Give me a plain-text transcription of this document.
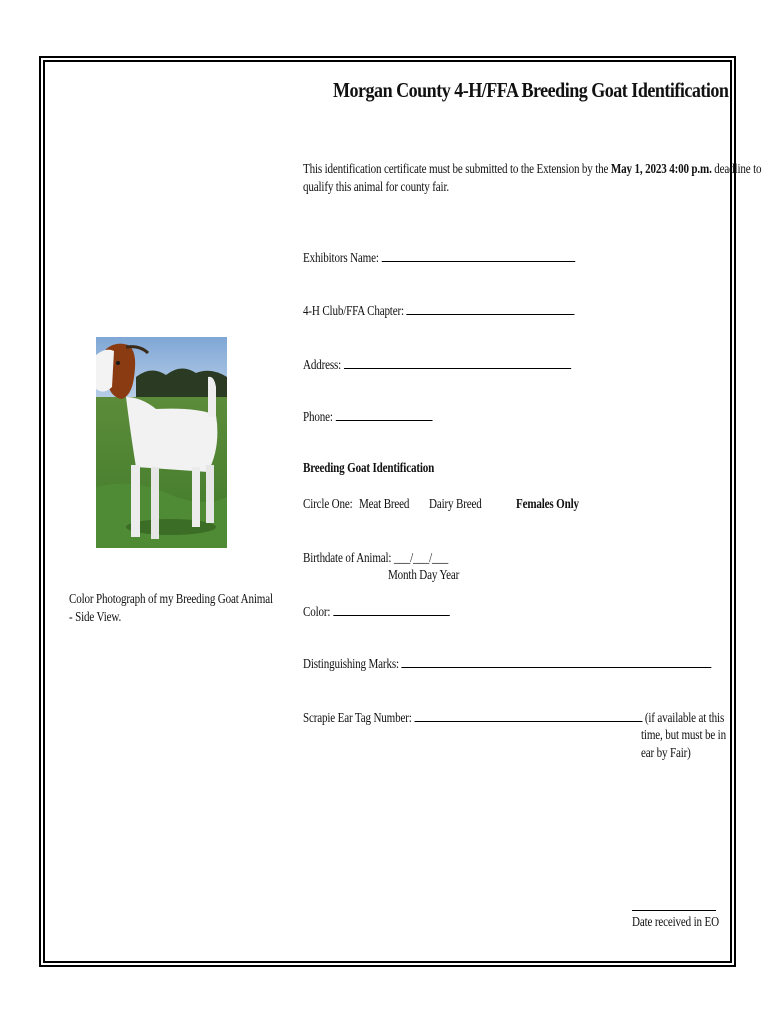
Morgan County 4-H/FFA Breeding Goat Identification
This identification certificate must be submitted to the Extension by the May 1, 2023 4:00 p.m. deadline to
qualify this animal for county fair.
Exhibitors Name:
4-H Club/FFA Chapter:
Address:
Phone:
Breeding Goat Identification
Circle One: Meat Breed Dairy Breed	Females Only
Birthdate of Animal: ___/___/___
Month Day Year
Color:
Distinguishing Marks:
Scrapie Ear Tag Number:	(if available at this
time, but must be in
ear by Fair)
Color Photograph of my Breeding Goat Animal
- Side View.
Date received in EO
